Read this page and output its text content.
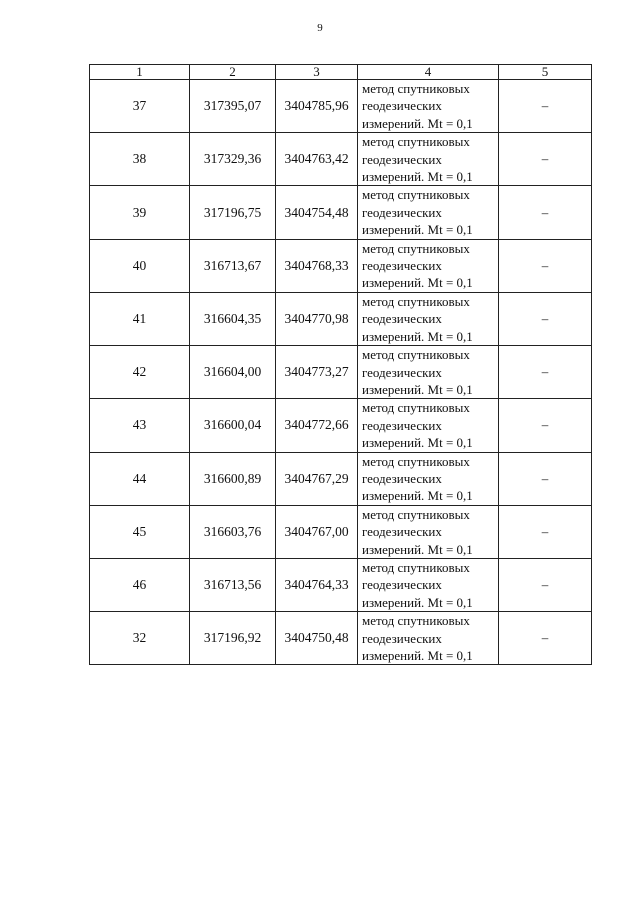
9
1	2	3	4	5
37	317395,07	3404785,96	метод спутниковых
геодезических
измерений. Mt = 0,1	–
38	317329,36	3404763,42	метод спутниковых
геодезических
измерений. Mt = 0,1	–
39	317196,75	3404754,48	метод спутниковых
геодезических
измерений. Mt = 0,1	–
40	316713,67	3404768,33	метод спутниковых
геодезических
измерений. Mt = 0,1	–
41	316604,35	3404770,98	метод спутниковых
геодезических
измерений. Mt = 0,1	–
42	316604,00	3404773,27	метод спутниковых
геодезических
измерений. Mt = 0,1	–
43	316600,04	3404772,66	метод спутниковых
геодезических
измерений. Mt = 0,1	–
44	316600,89	3404767,29	метод спутниковых
геодезических
измерений. Mt = 0,1	–
45	316603,76	3404767,00	метод спутниковых
геодезических
измерений. Mt = 0,1	–
46	316713,56	3404764,33	метод спутниковых
геодезических
измерений. Mt = 0,1	–
32	317196,92	3404750,48	метод спутниковых
геодезических
измерений. Mt = 0,1	–
